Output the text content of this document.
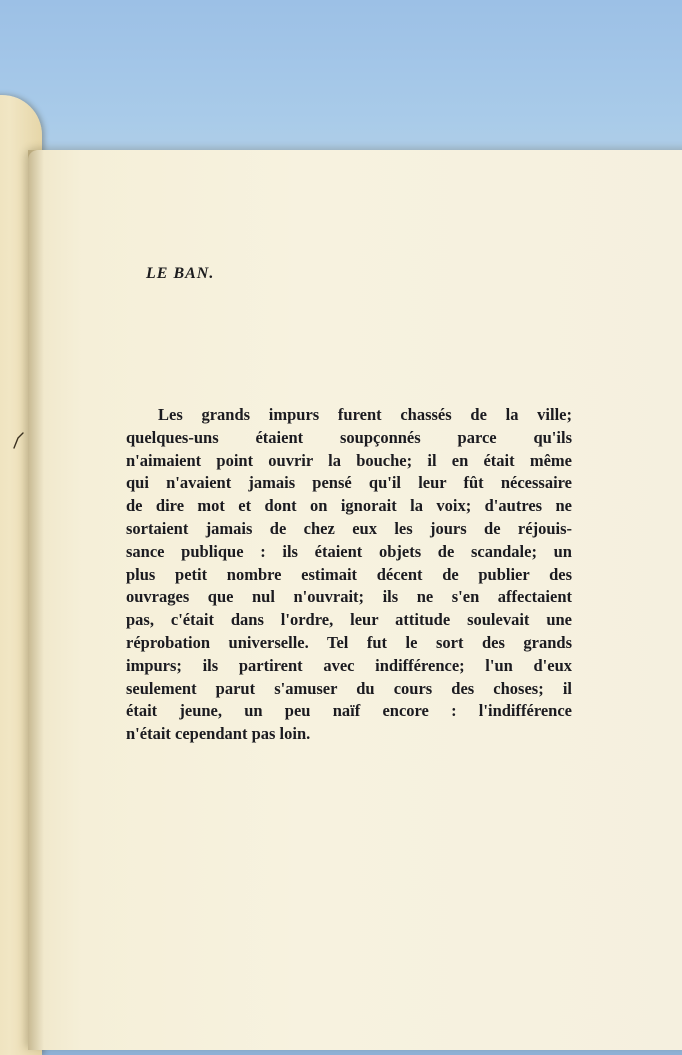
LE BAN.
Les grands impurs furent chassés de la ville;
quelques-uns étaient soupçonnés parce qu'ils
n'aimaient point ouvrir la bouche; il en était même
qui n'avaient jamais pensé qu'il leur fût nécessaire
de dire mot et dont on ignorait la voix; d'autres ne
sortaient jamais de chez eux les jours de réjouis-
sance publique : ils étaient objets de scandale; un
plus petit nombre estimait décent de publier des
ouvrages que nul n'ouvrait; ils ne s'en affectaient
pas, c'était dans l'ordre, leur attitude soulevait une
réprobation universelle. Tel fut le sort des grands
impurs; ils partirent avec indifférence; l'un d'eux
seulement parut s'amuser du cours des choses; il
était jeune, un peu naïf encore : l'indifférence
n'était cependant pas loin.
